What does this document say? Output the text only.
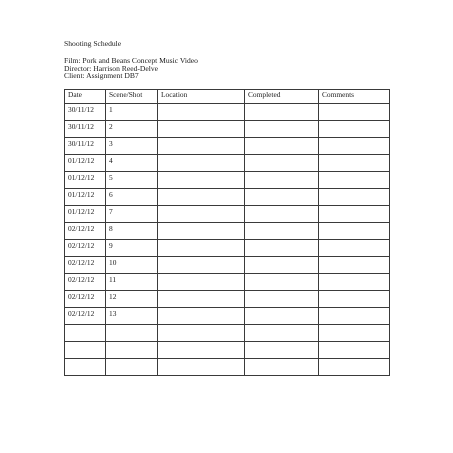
Shooting Schedule
Film: Pork and Beans Concept Music Video
Director: Harrison Reed-Delve
Client: Assignment DB7
Date	Scene/Shot	Location	Completed	Comments
30/11/12	1			
30/11/12	2			
30/11/12	3			
01/12/12	4			
01/12/12	5			
01/12/12	6			
01/12/12	7			
02/12/12	8			
02/12/12	9			
02/12/12	10			
02/12/12	11			
02/12/12	12			
02/12/12	13			
